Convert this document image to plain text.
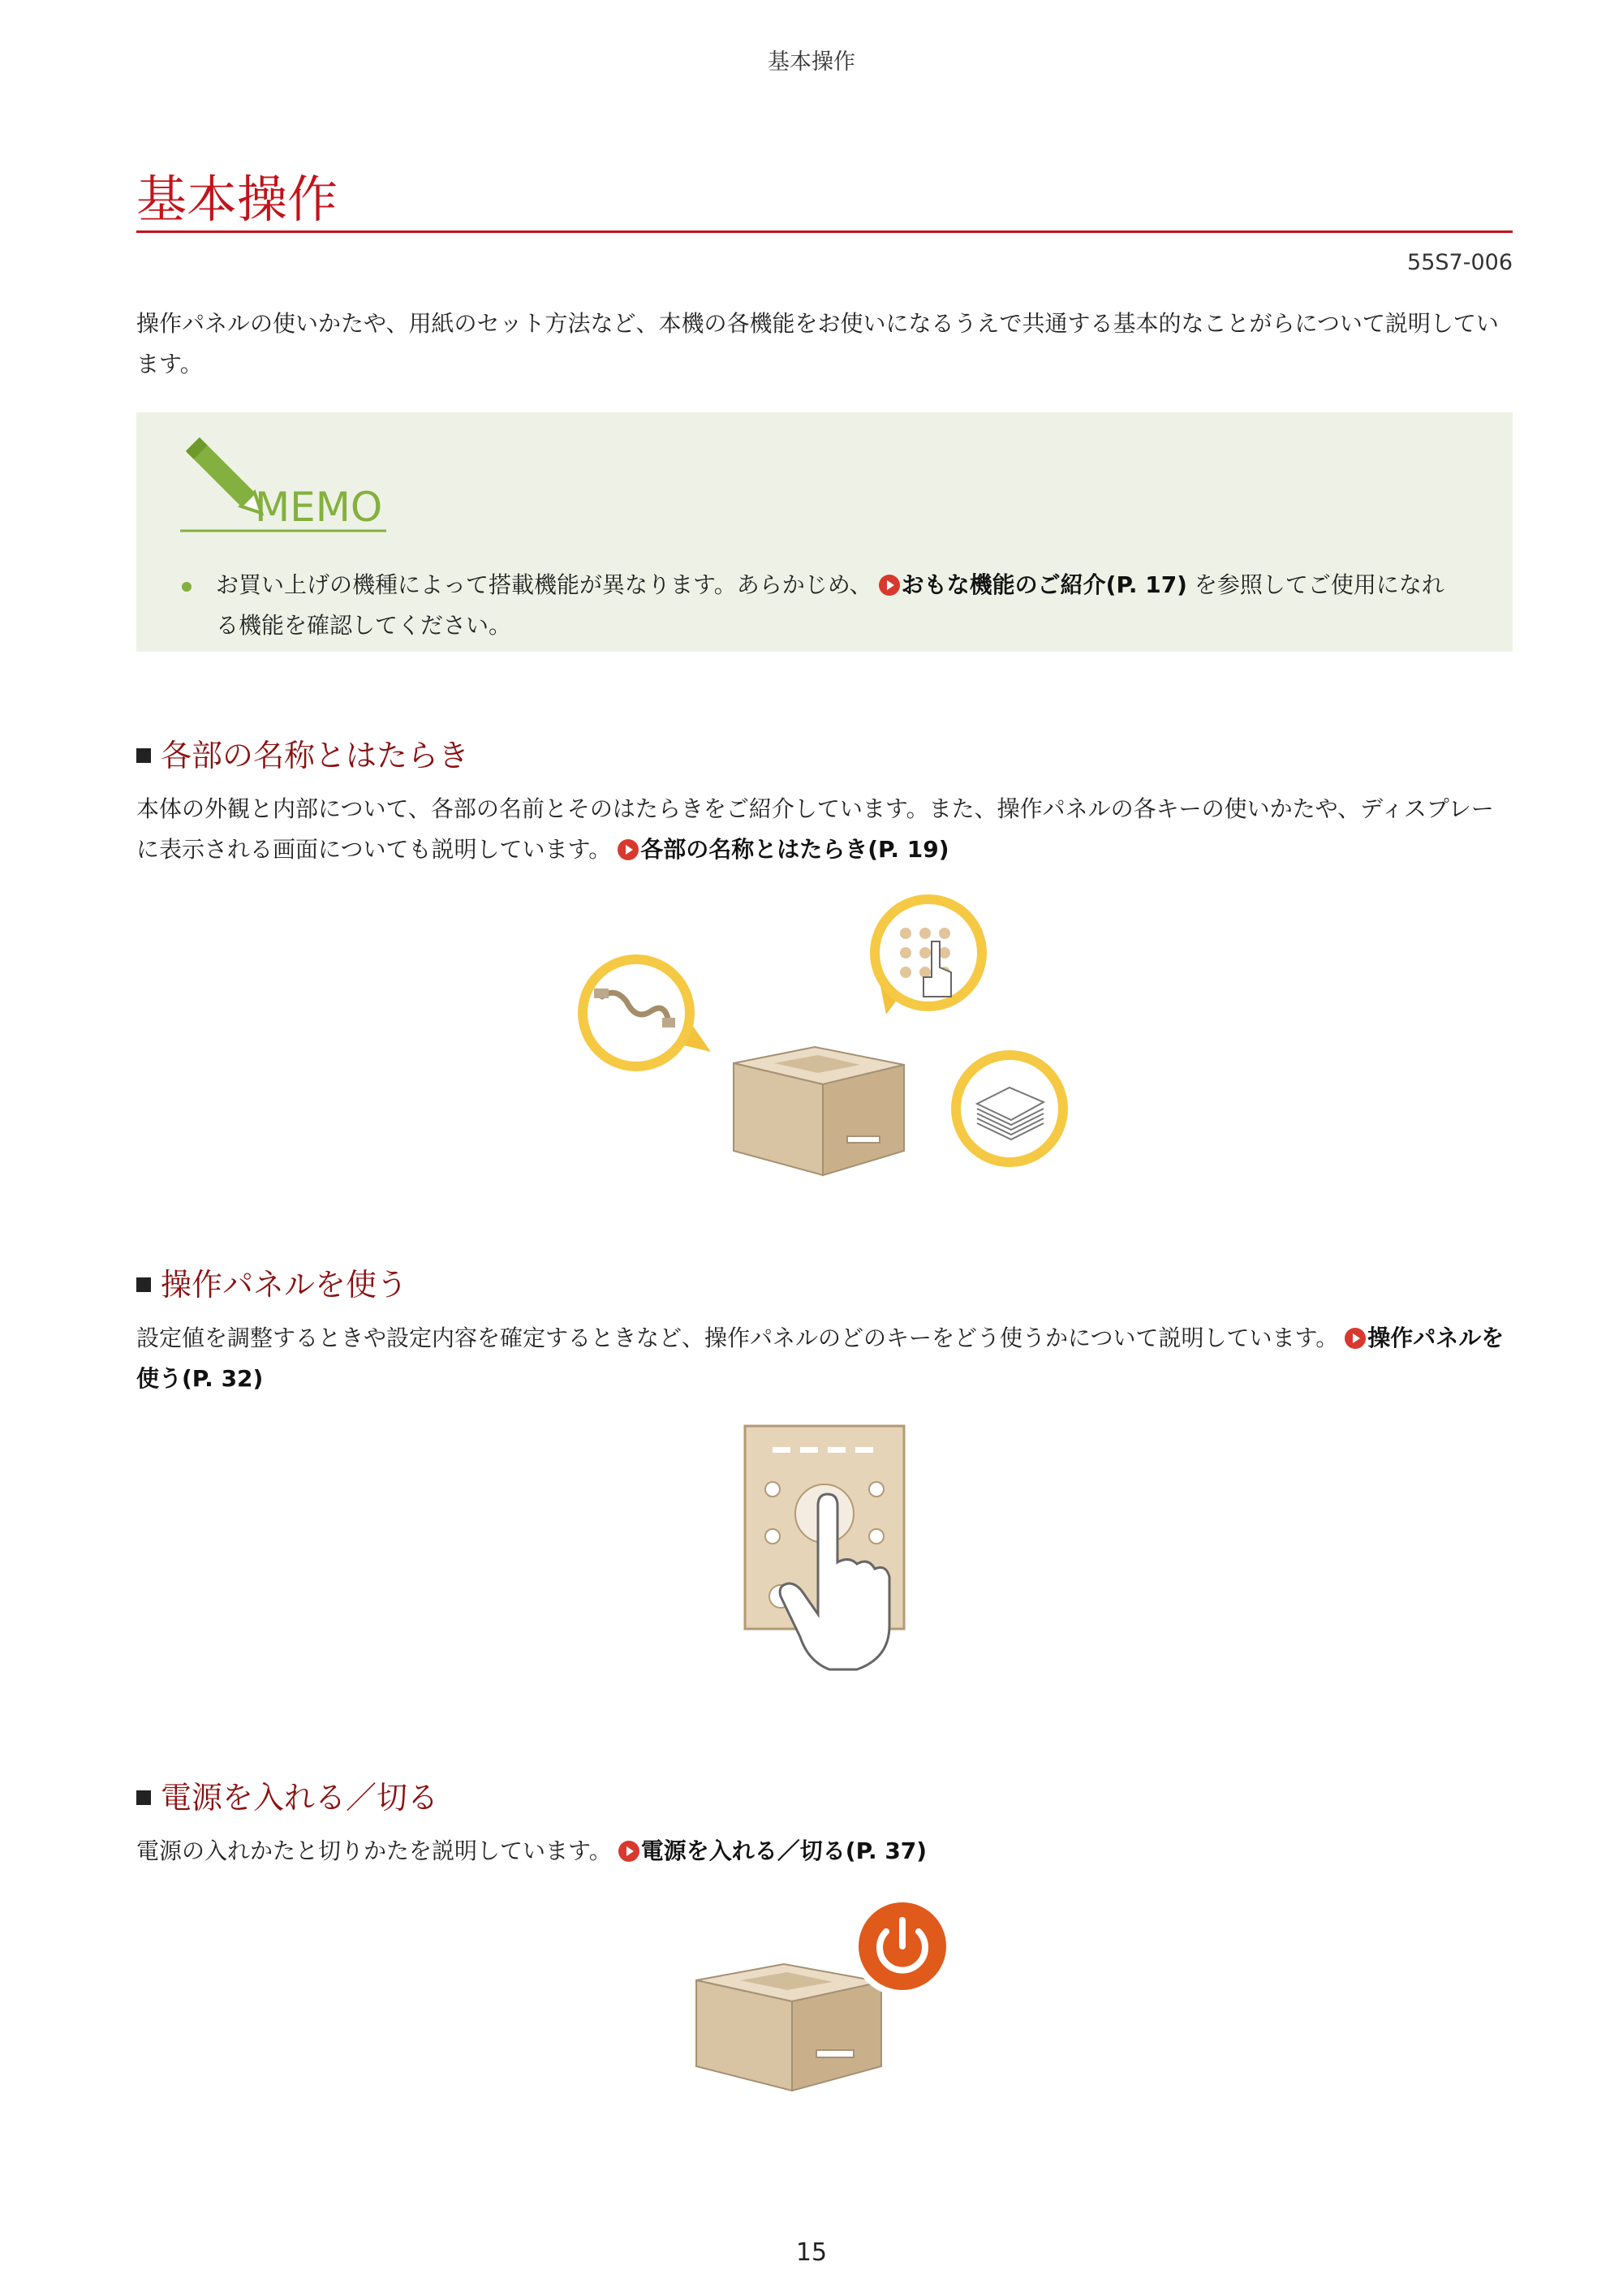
基本操作
基本操作
55S7-006

操作パネルの使いかたや、用紙のセット方法など、本機の各機能をお使いになるうえで共通する基本的なことがらについて説明しています。

MEMO
お買い上げの機種によって搭載機能が異なります。あらかじめ、 おもな機能のご紹介(P. 17) を参照してご使用になれる機能を確認してください。
各部の名称とはたらき

本体の外観と内部について、各部の名前とそのはたらきをご紹介しています。また、操作パネルの各キーの使いかたや、ディスプレーに表示される画面についても説明しています。 各部の名称とはたらき(P. 19)

操作パネルを使う

設定値を調整するときや設定内容を確定するときなど、操作パネルのどのキーをどう使うかについて説明しています。 操作パネルを使う(P. 32)

電源を入れる／切る

電源の入れかたと切りかたを説明しています。 電源を入れる／切る(P. 37)

15
